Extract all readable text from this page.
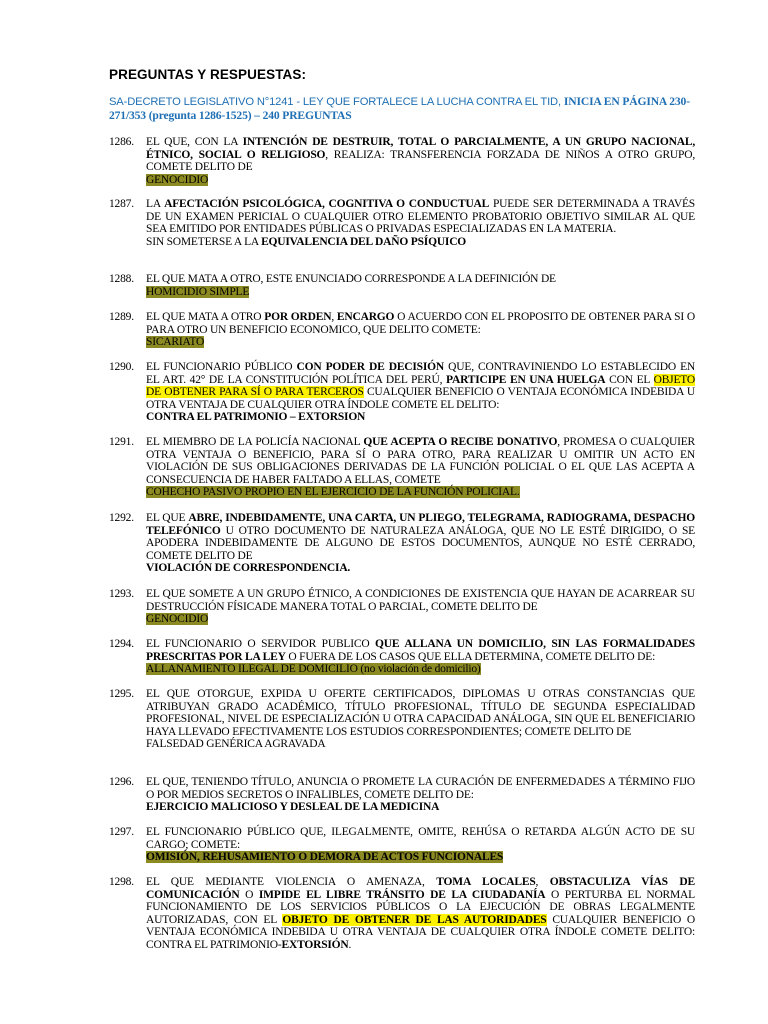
PREGUNTAS Y RESPUESTAS:
SA-DECRETO LEGISLATIVO N°1241 - LEY QUE FORTALECE LA LUCHA CONTRA EL TID, INICIA EN PÁGINA 230-271/353 (pregunta 1286-1525) – 240 PREGUNTAS
1286.	EL QUE, CON LA INTENCIÓN DE DESTRUIR, TOTAL O PARCIALMENTE, A UN GRUPO NACIONAL, ÉTNICO, SOCIAL O RELIGIOSO, REALIZA: TRANSFERENCIA FORZADA DE NIÑOS A OTRO GRUPO, COMETE DELITO DE
GENOCIDIO
1287.	LA AFECTACIÓN PSICOLÓGICA, COGNITIVA O CONDUCTUAL PUEDE SER DETERMINADA A TRAVÉS DE UN EXAMEN PERICIAL O CUALQUIER OTRO ELEMENTO PROBATORIO OBJETIVO SIMILAR AL QUE SEA EMITIDO POR ENTIDADES PÚBLICAS O PRIVADAS ESPECIALIZADAS EN LA MATERIA.
SIN SOMETERSE A LA EQUIVALENCIA DEL DAÑO PSÍQUICO
1288.	EL QUE MATA A OTRO, ESTE ENUNCIADO CORRESPONDE A LA DEFINICIÓN DE
HOMICIDIO SIMPLE
1289.	EL QUE MATA A OTRO POR ORDEN, ENCARGO O ACUERDO CON EL PROPOSITO DE OBTENER PARA SI O PARA OTRO UN BENEFICIO ECONOMICO, QUE DELITO COMETE:
SICARIATO
1290.	EL FUNCIONARIO PÚBLICO CON PODER DE DECISIÓN QUE, CONTRAVINIENDO LO ESTABLECIDO EN EL ART. 42° DE LA CONSTITUCIÓN POLÍTICA DEL PERÚ, PARTICIPE EN UNA HUELGA CON EL OBJETO DE OBTENER PARA SÍ O PARA TERCEROS CUALQUIER BENEFICIO O VENTAJA ECONÓMICA INDEBIDA U OTRA VENTAJA DE CUALQUIER OTRA ÍNDOLE COMETE EL DELITO:
CONTRA EL PATRIMONIO – EXTORSION
1291.	EL MIEMBRO DE LA POLICÍA NACIONAL QUE ACEPTA O RECIBE DONATIVO, PROMESA O CUALQUIER OTRA VENTAJA O BENEFICIO, PARA SÍ O PARA OTRO, PARA REALIZAR U OMITIR UN ACTO EN VIOLACIÓN DE SUS OBLIGACIONES DERIVADAS DE LA FUNCIÓN POLICIAL O EL QUE LAS ACEPTA A CONSECUENCIA DE HABER FALTADO A ELLAS, COMETE
COHECHO PASIVO PROPIO EN EL EJERCICIO DE LA FUNCIÓN POLICIAL.
1292.	EL QUE ABRE, INDEBIDAMENTE, UNA CARTA, UN PLIEGO, TELEGRAMA, RADIOGRAMA, DESPACHO TELEFÓNICO U OTRO DOCUMENTO DE NATURALEZA ANÁLOGA, QUE NO LE ESTÉ DIRIGIDO, O SE APODERA INDEBIDAMENTE DE ALGUNO DE ESTOS DOCUMENTOS, AUNQUE NO ESTÉ CERRADO, COMETE DELITO DE
VIOLACIÓN DE CORRESPONDENCIA.
1293.	EL QUE SOMETE A UN GRUPO ÉTNICO, A CONDICIONES DE EXISTENCIA QUE HAYAN DE ACARREAR SU DESTRUCCIÓN FÍSICADE MANERA TOTAL O PARCIAL, COMETE DELITO DE
GENOCIDIO
1294.	EL FUNCIONARIO O SERVIDOR PUBLICO QUE ALLANA UN DOMICILIO, SIN LAS FORMALIDADES PRESCRITAS POR LA LEY O FUERA DE LOS CASOS QUE ELLA DETERMINA, COMETE DELITO DE:
ALLANAMIENTO ILEGAL DE DOMICILIO (no violación de domicilio)
1295.	EL QUE OTORGUE, EXPIDA U OFERTE CERTIFICADOS, DIPLOMAS U OTRAS CONSTANCIAS QUE ATRIBUYAN GRADO ACADÉMICO, TÍTULO PROFESIONAL, TÍTULO DE SEGUNDA ESPECIALIDAD PROFESIONAL, NIVEL DE ESPECIALIZACIÓN U OTRA CAPACIDAD ANÁLOGA, SIN QUE EL BENEFICIARIO HAYA LLEVADO EFECTIVAMENTE LOS ESTUDIOS CORRESPONDIENTES; COMETE DELITO DE
FALSEDAD GENÉRICA AGRAVADA
1296.	EL QUE, TENIENDO TÍTULO, ANUNCIA O PROMETE LA CURACIÓN DE ENFERMEDADES A TÉRMINO FIJO O POR MEDIOS SECRETOS O INFALIBLES, COMETE DELITO DE:
EJERCICIO MALICIOSO Y DESLEAL DE LA MEDICINA
1297.	EL FUNCIONARIO PÚBLICO QUE, ILEGALMENTE, OMITE, REHÚSA O RETARDA ALGÚN ACTO DE SU CARGO; COMETE:
OMISIÓN, REHUSAMIENTO O DEMORA DE ACTOS FUNCIONALES
1298.	EL QUE MEDIANTE VIOLENCIA O AMENAZA, TOMA LOCALES, OBSTACULIZA VÍAS DE COMUNICACIÓN O IMPIDE EL LIBRE TRÁNSITO DE LA CIUDADANÍA O PERTURBA EL NORMAL FUNCIONAMIENTO DE LOS SERVICIOS PÚBLICOS O LA EJECUCIÓN DE OBRAS LEGALMENTE AUTORIZADAS, CON EL OBJETO DE OBTENER DE LAS AUTORIDADES CUALQUIER BENEFICIO O VENTAJA ECONÓMICA INDEBIDA U OTRA VENTAJA DE CUALQUIER OTRA ÍNDOLE COMETE DELITO: CONTRA EL PATRIMONIO-EXTORSIÓN.
